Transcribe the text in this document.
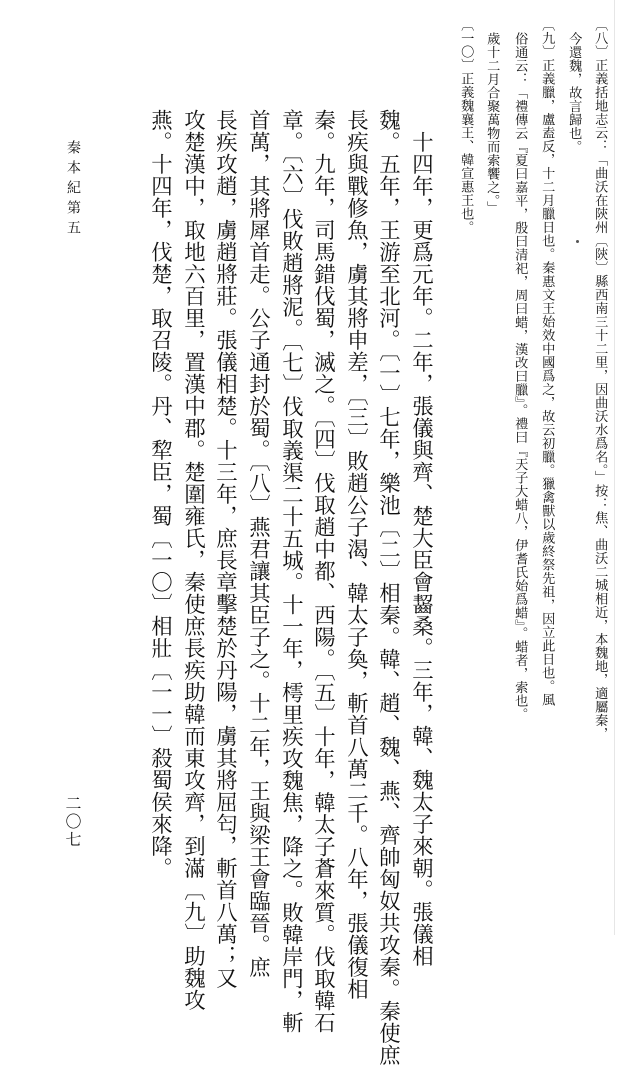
〔八〕正義括地志云：「曲沃在陝州〔陝〕縣西南三十二里，因曲沃水爲名。」按：焦、曲沃二城相近，本魏地，適屬秦，
今還魏，故言歸也。
〔九〕正義臘，盧盍反，十二月臘日也。秦惠文王始效中國爲之，故云初臘。獵禽獸以歲終祭先祖，因立此日也。風
俗通云：「禮傳云『夏曰嘉平，殷曰清祀，周曰蜡，漢改曰臘』。禮曰『天子大蜡八，伊耆氏始爲蜡』。蜡者，索也。
歲十二月合聚萬物而索饗之。」
〔一〇〕正義魏襄王、韓宣惠王也。
十四年，更爲元年。二年，張儀與齊、楚大臣會齧桑。三年，韓、魏太子來朝。張儀相
魏。五年，王游至北河。〔一〕七年，樂池〔二〕相秦。韓、趙、魏、燕、齊帥匈奴共攻秦。秦使庶
長疾與戰修魚，虜其將申差，〔三〕敗趙公子渴、韓太子奐，斬首八萬二千。八年，張儀復相
秦。九年，司馬錯伐蜀，滅之。〔四〕伐取趙中都、西陽。〔五〕十年，韓太子蒼來質。伐取韓石
章。〔六〕伐敗趙將泥。〔七〕伐取義渠二十五城。十一年，樗里疾攻魏焦，降之。敗韓岸門，斬
首萬，其將犀首走。公子通封於蜀。〔八〕燕君讓其臣子之。十二年，王與梁王會臨晉。庶
長疾攻趙，虜趙將莊。張儀相楚。十三年，庶長章擊楚於丹陽，虜其將屈匄，斬首八萬；又
攻楚漢中，取地六百里，置漢中郡。楚圍雍氏，秦使庶長疾助韓而東攻齊，到滿〔九〕助魏攻
燕。十四年，伐楚，取召陵。丹、犂臣，蜀〔一〇〕相壯〔一一〕殺蜀侯來降。
秦本紀第五
二〇七
